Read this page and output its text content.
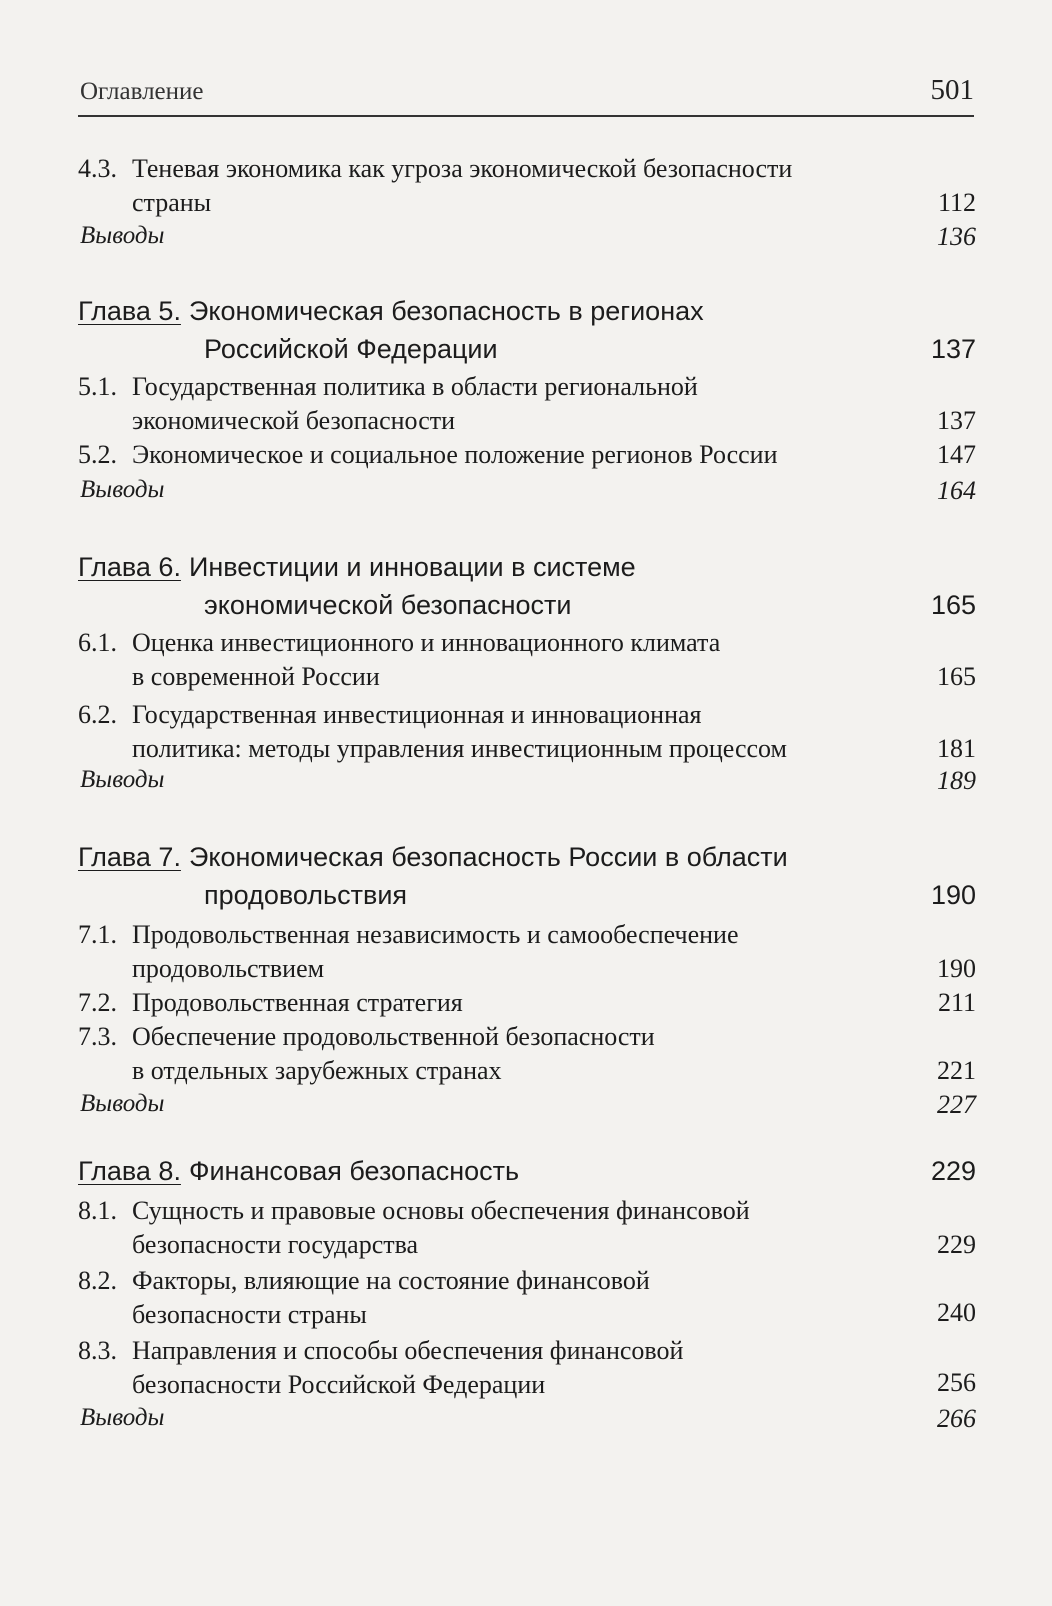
Оглавление	501
4.3. Теневая экономика как угроза экономической безопасности
страны	112
Выводы	136
Глава 5. Экономическая безопасность в регионах
Российской Федерации	137
5.1. Государственная политика в области региональной
экономической безопасности	137
5.2. Экономическое и социальное положение регионов России	147
Выводы	164
Глава 6. Инвестиции и инновации в системе
экономической безопасности	165
6.1. Оценка инвестиционного и инновационного климата
в современной России	165
6.2. Государственная инвестиционная и инновационная
политика: методы управления инвестиционным процессом	181
Выводы	189
Глава 7. Экономическая безопасность России в области
продовольствия	190
7.1. Продовольственная независимость и самообеспечение
продовольствием	190
7.2. Продовольственная стратегия	211
7.3. Обеспечение продовольственной безопасности
в отдельных зарубежных странах	221
Выводы	227
Глава 8. Финансовая безопасность	229
8.1. Сущность и правовые основы обеспечения финансовой
безопасности государства	229
8.2. Факторы, влияющие на состояние финансовой
безопасности страны	240
8.3. Направления и способы обеспечения финансовой
безопасности Российской Федерации	256
Выводы	266
